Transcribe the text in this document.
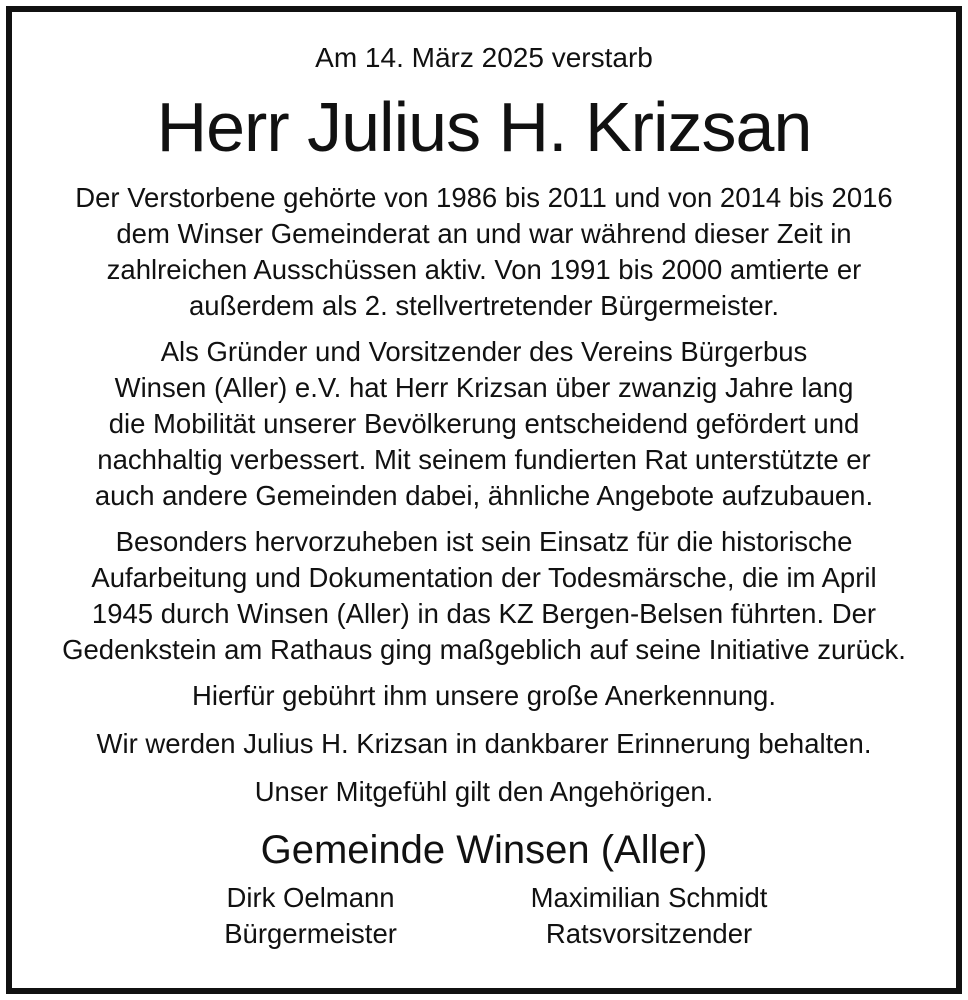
Am 14. März 2025 verstarb

Herr Julius H. Krizsan

Der Verstorbene gehörte von 1986 bis 2011 und von 2014 bis 2016
dem Winser Gemeinderat an und war während dieser Zeit in
zahlreichen Ausschüssen aktiv. Von 1991 bis 2000 amtierte er
außerdem als 2. stellvertretender Bürgermeister.

Als Gründer und Vorsitzender des Vereins Bürgerbus
Winsen (Aller) e.V. hat Herr Krizsan über zwanzig Jahre lang
die Mobilität unserer Bevölkerung entscheidend gefördert und
nachhaltig verbessert. Mit seinem fundierten Rat unterstützte er
auch andere Gemeinden dabei, ähnliche Angebote aufzubauen.

Besonders hervorzuheben ist sein Einsatz für die historische
Aufarbeitung und Dokumentation der Todesmärsche, die im April
1945 durch Winsen (Aller) in das KZ Bergen-Belsen führten. Der
Gedenkstein am Rathaus ging maßgeblich auf seine Initiative zurück.

Hierfür gebührt ihm unsere große Anerkennung.

Wir werden Julius H. Krizsan in dankbarer Erinnerung behalten.

Unser Mitgefühl gilt den Angehörigen.

Gemeinde Winsen (Aller)
Dirk Oelmann
Bürgermeister
Maximilian Schmidt
Ratsvorsitzender
